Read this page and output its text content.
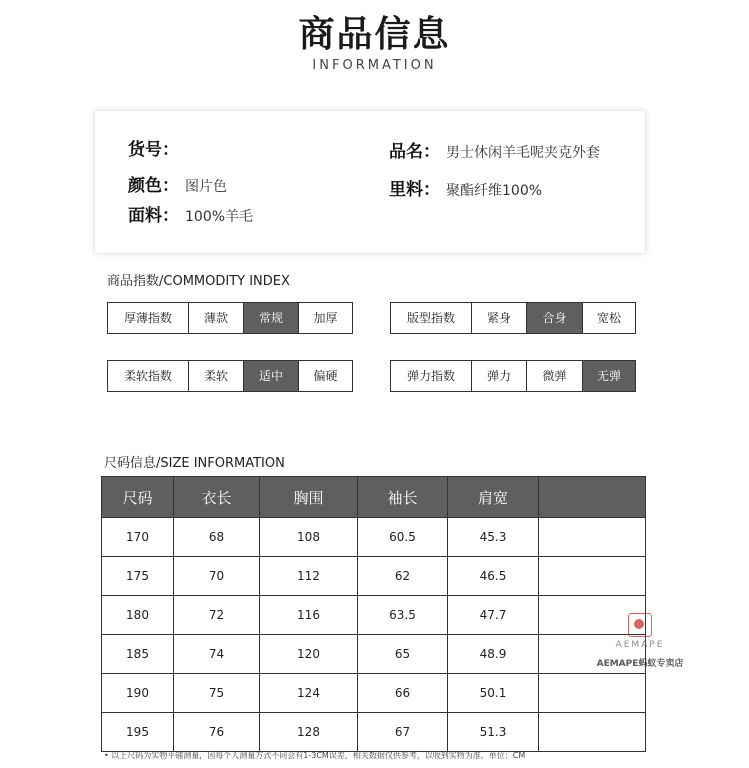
商品信息
INFORMATION
货号：
颜色： 图片色
面料： 100%羊毛
品名： 男士休闲羊毛呢夹克外套
里料： 聚酯纤维100%
商品指数/COMMODITY INDEX
厚薄指数	薄款	常规	加厚	版型指数	紧身	合身	宽松
柔软指数	柔软	适中	偏硬	弹力指数	弹力	微弹	无弹
尺码信息/SIZE INFORMATION
尺码	衣长	胸围	袖长	肩宽	
170	68	108	60.5	45.3	
175	70	112	62	46.5	
180	72	116	63.5	47.7	
185	74	120	65	48.9	
190	75	124	66	50.1	
195	76	128	67	51.3	
AEMAPE
AEMAPE蚂蚁专卖店
• 以上尺码为实物平铺测量，因每个人测量方式不同会有1-3CM误差，相关数据仅供参考，以收到实物为准。单位：CM
